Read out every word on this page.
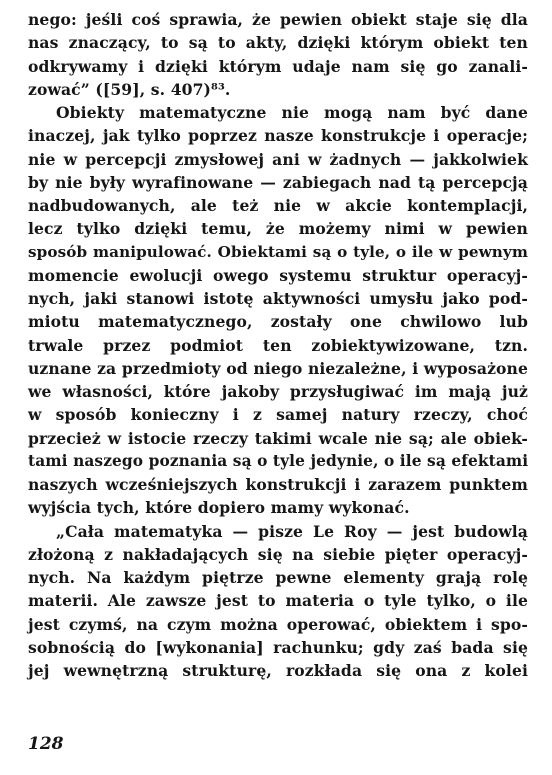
nego: jeśli coś sprawia, że pewien obiekt staje się dla
nas znaczący, to są to akty, dzięki którym obiekt ten
odkrywamy i dzięki którym udaje nam się go zanali-
zować” ([59], s. 407)⁸³.
Obiekty matematyczne nie mogą nam być dane
inaczej, jak tylko poprzez nasze konstrukcje i operacje;
nie w percepcji zmysłowej ani w żadnych — jakkolwiek
by nie były wyrafinowane — zabiegach nad tą percepcją
nadbudowanych, ale też nie w akcie kontemplacji,
lecz tylko dzięki temu, że możemy nimi w pewien
sposób manipulować. Obiektami są o tyle, o ile w pewnym
momencie ewolucji owego systemu struktur operacyj-
nych, jaki stanowi istotę aktywności umysłu jako pod-
miotu matematycznego, zostały one chwilowo lub
trwale przez podmiot ten zobiektywizowane, tzn.
uznane za przedmioty od niego niezależne, i wyposażone
we własności, które jakoby przysługiwać im mają już
w sposób konieczny i z samej natury rzeczy, choć
przecież w istocie rzeczy takimi wcale nie są; ale obiek-
tami naszego poznania są o tyle jedynie, o ile są efektami
naszych wcześniejszych konstrukcji i zarazem punktem
wyjścia tych, które dopiero mamy wykonać.
„Cała matematyka — pisze Le Roy — jest budowlą
złożoną z nakładających się na siebie pięter operacyj-
nych. Na każdym piętrze pewne elementy grają rolę
materii. Ale zawsze jest to materia o tyle tylko, o ile
jest czymś, na czym można operować, obiektem i spo-
sobnością do [wykonania] rachunku; gdy zaś bada się
jej wewnętrzną strukturę, rozkłada się ona z kolei
128
